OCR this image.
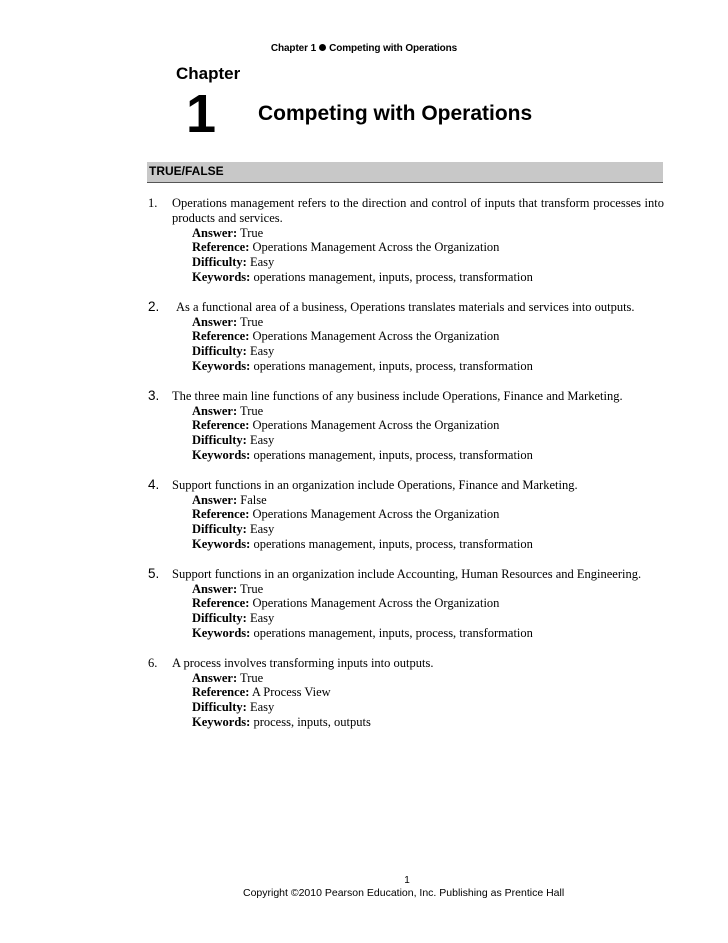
Chapter 1 Competing with Operations
Chapter
1 Competing with Operations
TRUE/FALSE
1. Operations management refers to the direction and control of inputs that transform processes into products and services.
Answer: True
Reference: Operations Management Across the Organization
Difficulty: Easy
Keywords: operations management, inputs, process, transformation
2. As a functional area of a business, Operations translates materials and services into outputs.
Answer: True
Reference: Operations Management Across the Organization
Difficulty: Easy
Keywords: operations management, inputs, process, transformation
3. The three main line functions of any business include Operations, Finance and Marketing.
Answer: True
Reference: Operations Management Across the Organization
Difficulty: Easy
Keywords: operations management, inputs, process, transformation
4. Support functions in an organization include Operations, Finance and Marketing.
Answer: False
Reference: Operations Management Across the Organization
Difficulty: Easy
Keywords: operations management, inputs, process, transformation
5. Support functions in an organization include Accounting, Human Resources and Engineering.
Answer: True
Reference: Operations Management Across the Organization
Difficulty: Easy
Keywords: operations management, inputs, process, transformation
6. A process involves transforming inputs into outputs.
Answer: True
Reference: A Process View
Difficulty: Easy
Keywords: process, inputs, outputs
1
Copyright ©2010 Pearson Education, Inc. Publishing as Prentice Hall
